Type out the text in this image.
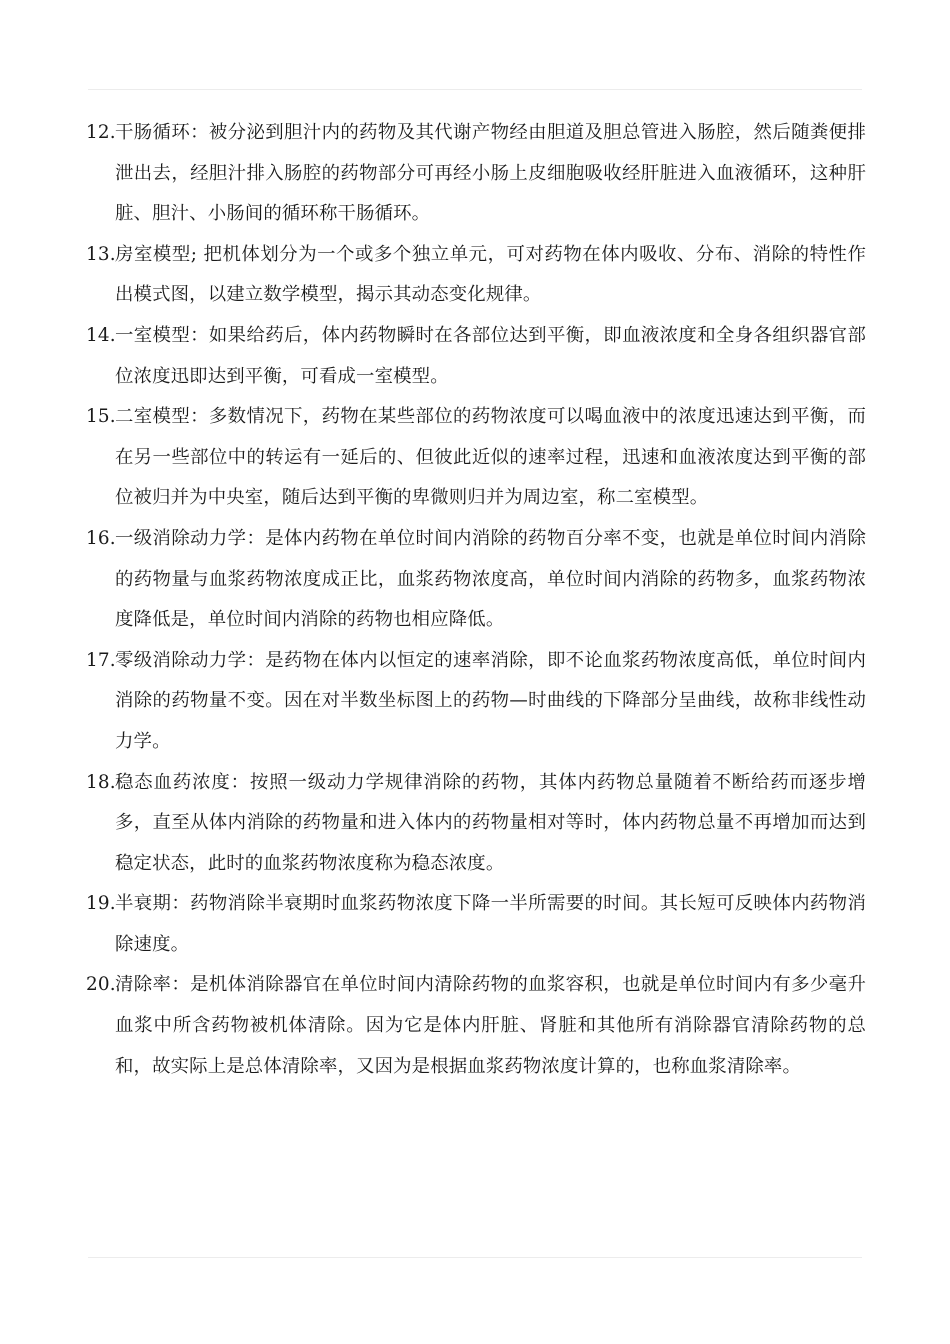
12. 干肠循环：被分泌到胆汁内的药物及其代谢产物经由胆道及胆总管进入肠腔，然后随粪便排泄出去，经胆汁排入肠腔的药物部分可再经小肠上皮细胞吸收经肝脏进入血液循环，这种肝脏、胆汁、小肠间的循环称干肠循环。
13. 房室模型; 把机体划分为一个或多个独立单元，可对药物在体内吸收、分布、消除的特性作出模式图，以建立数学模型，揭示其动态变化规律。
14. 一室模型：如果给药后，体内药物瞬时在各部位达到平衡，即血液浓度和全身各组织器官部位浓度迅即达到平衡，可看成一室模型。
15. 二室模型：多数情况下，药物在某些部位的药物浓度可以喝血液中的浓度迅速达到平衡，而在另一些部位中的转运有一延后的、但彼此近似的速率过程，迅速和血液浓度达到平衡的部位被归并为中央室，随后达到平衡的卑微则归并为周边室，称二室模型。
16. 一级消除动力学：是体内药物在单位时间内消除的药物百分率不变，也就是单位时间内消除的药物量与血浆药物浓度成正比，血浆药物浓度高，单位时间内消除的药物多，血浆药物浓度降低是，单位时间内消除的药物也相应降低。
17. 零级消除动力学：是药物在体内以恒定的速率消除，即不论血浆药物浓度高低，单位时间内消除的药物量不变。因在对半数坐标图上的药物—时曲线的下降部分呈曲线，故称非线性动力学。
18. 稳态血药浓度：按照一级动力学规律消除的药物，其体内药物总量随着不断给药而逐步增多，直至从体内消除的药物量和进入体内的药物量相对等时，体内药物总量不再增加而达到稳定状态，此时的血浆药物浓度称为稳态浓度。
19. 半衰期：药物消除半衰期时血浆药物浓度下降一半所需要的时间。其长短可反映体内药物消除速度。
20. 清除率：是机体消除器官在单位时间内清除药物的血浆容积，也就是单位时间内有多少毫升血浆中所含药物被机体清除。因为它是体内肝脏、肾脏和其他所有消除器官清除药物的总和，故实际上是总体清除率，又因为是根据血浆药物浓度计算的，也称血浆清除率。
